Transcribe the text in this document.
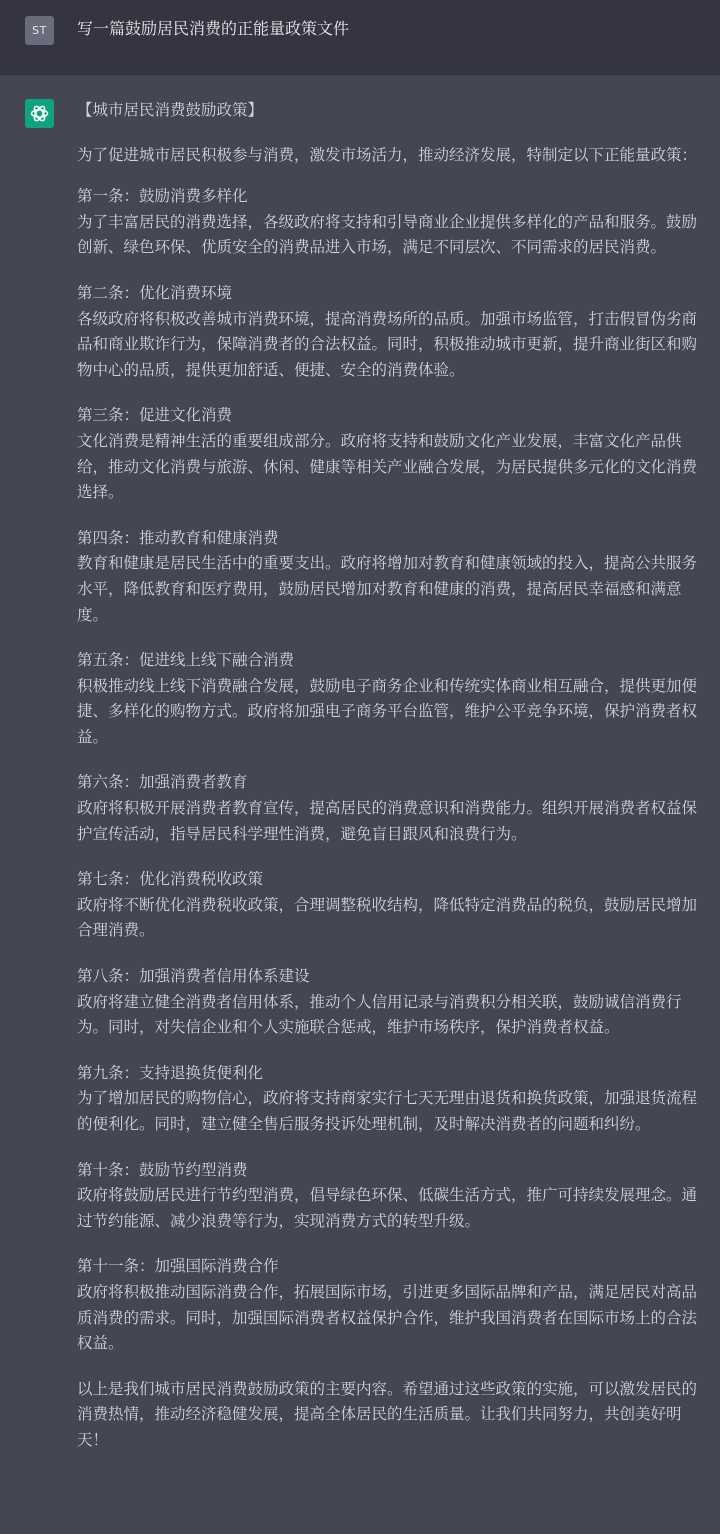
ST	写一篇鼓励居民消费的正能量政策文件

【城市居民消费鼓励政策】

为了促进城市居民积极参与消费，激发市场活力，推动经济发展，特制定以下正能量政策：

第一条：鼓励消费多样化
为了丰富居民的消费选择，各级政府将支持和引导商业企业提供多样化的产品和服务。鼓励创新、绿色环保、优质安全的消费品进入市场，满足不同层次、不同需求的居民消费。
第二条：优化消费环境
各级政府将积极改善城市消费环境，提高消费场所的品质。加强市场监管，打击假冒伪劣商品和商业欺诈行为，保障消费者的合法权益。同时，积极推动城市更新，提升商业街区和购物中心的品质，提供更加舒适、便捷、安全的消费体验。
第三条：促进文化消费
文化消费是精神生活的重要组成部分。政府将支持和鼓励文化产业发展，丰富文化产品供给，推动文化消费与旅游、休闲、健康等相关产业融合发展，为居民提供多元化的文化消费选择。
第四条：推动教育和健康消费
教育和健康是居民生活中的重要支出。政府将增加对教育和健康领域的投入，提高公共服务水平，降低教育和医疗费用，鼓励居民增加对教育和健康的消费，提高居民幸福感和满意度。
第五条：促进线上线下融合消费
积极推动线上线下消费融合发展，鼓励电子商务企业和传统实体商业相互融合，提供更加便捷、多样化的购物方式。政府将加强电子商务平台监管，维护公平竞争环境，保护消费者权益。
第六条：加强消费者教育
政府将积极开展消费者教育宣传，提高居民的消费意识和消费能力。组织开展消费者权益保护宣传活动，指导居民科学理性消费，避免盲目跟风和浪费行为。
第七条：优化消费税收政策
政府将不断优化消费税收政策，合理调整税收结构，降低特定消费品的税负，鼓励居民增加合理消费。
第八条：加强消费者信用体系建设
政府将建立健全消费者信用体系，推动个人信用记录与消费积分相关联，鼓励诚信消费行为。同时，对失信企业和个人实施联合惩戒，维护市场秩序，保护消费者权益。
第九条：支持退换货便利化
为了增加居民的购物信心，政府将支持商家实行七天无理由退货和换货政策，加强退货流程的便利化。同时，建立健全售后服务投诉处理机制，及时解决消费者的问题和纠纷。
第十条：鼓励节约型消费
政府将鼓励居民进行节约型消费，倡导绿色环保、低碳生活方式，推广可持续发展理念。通过节约能源、减少浪费等行为，实现消费方式的转型升级。
第十一条：加强国际消费合作
政府将积极推动国际消费合作，拓展国际市场，引进更多国际品牌和产品，满足居民对高品质消费的需求。同时，加强国际消费者权益保护合作，维护我国消费者在国际市场上的合法权益。

以上是我们城市居民消费鼓励政策的主要内容。希望通过这些政策的实施，可以激发居民的消费热情，推动经济稳健发展，提高全体居民的生活质量。让我们共同努力，共创美好明天！
